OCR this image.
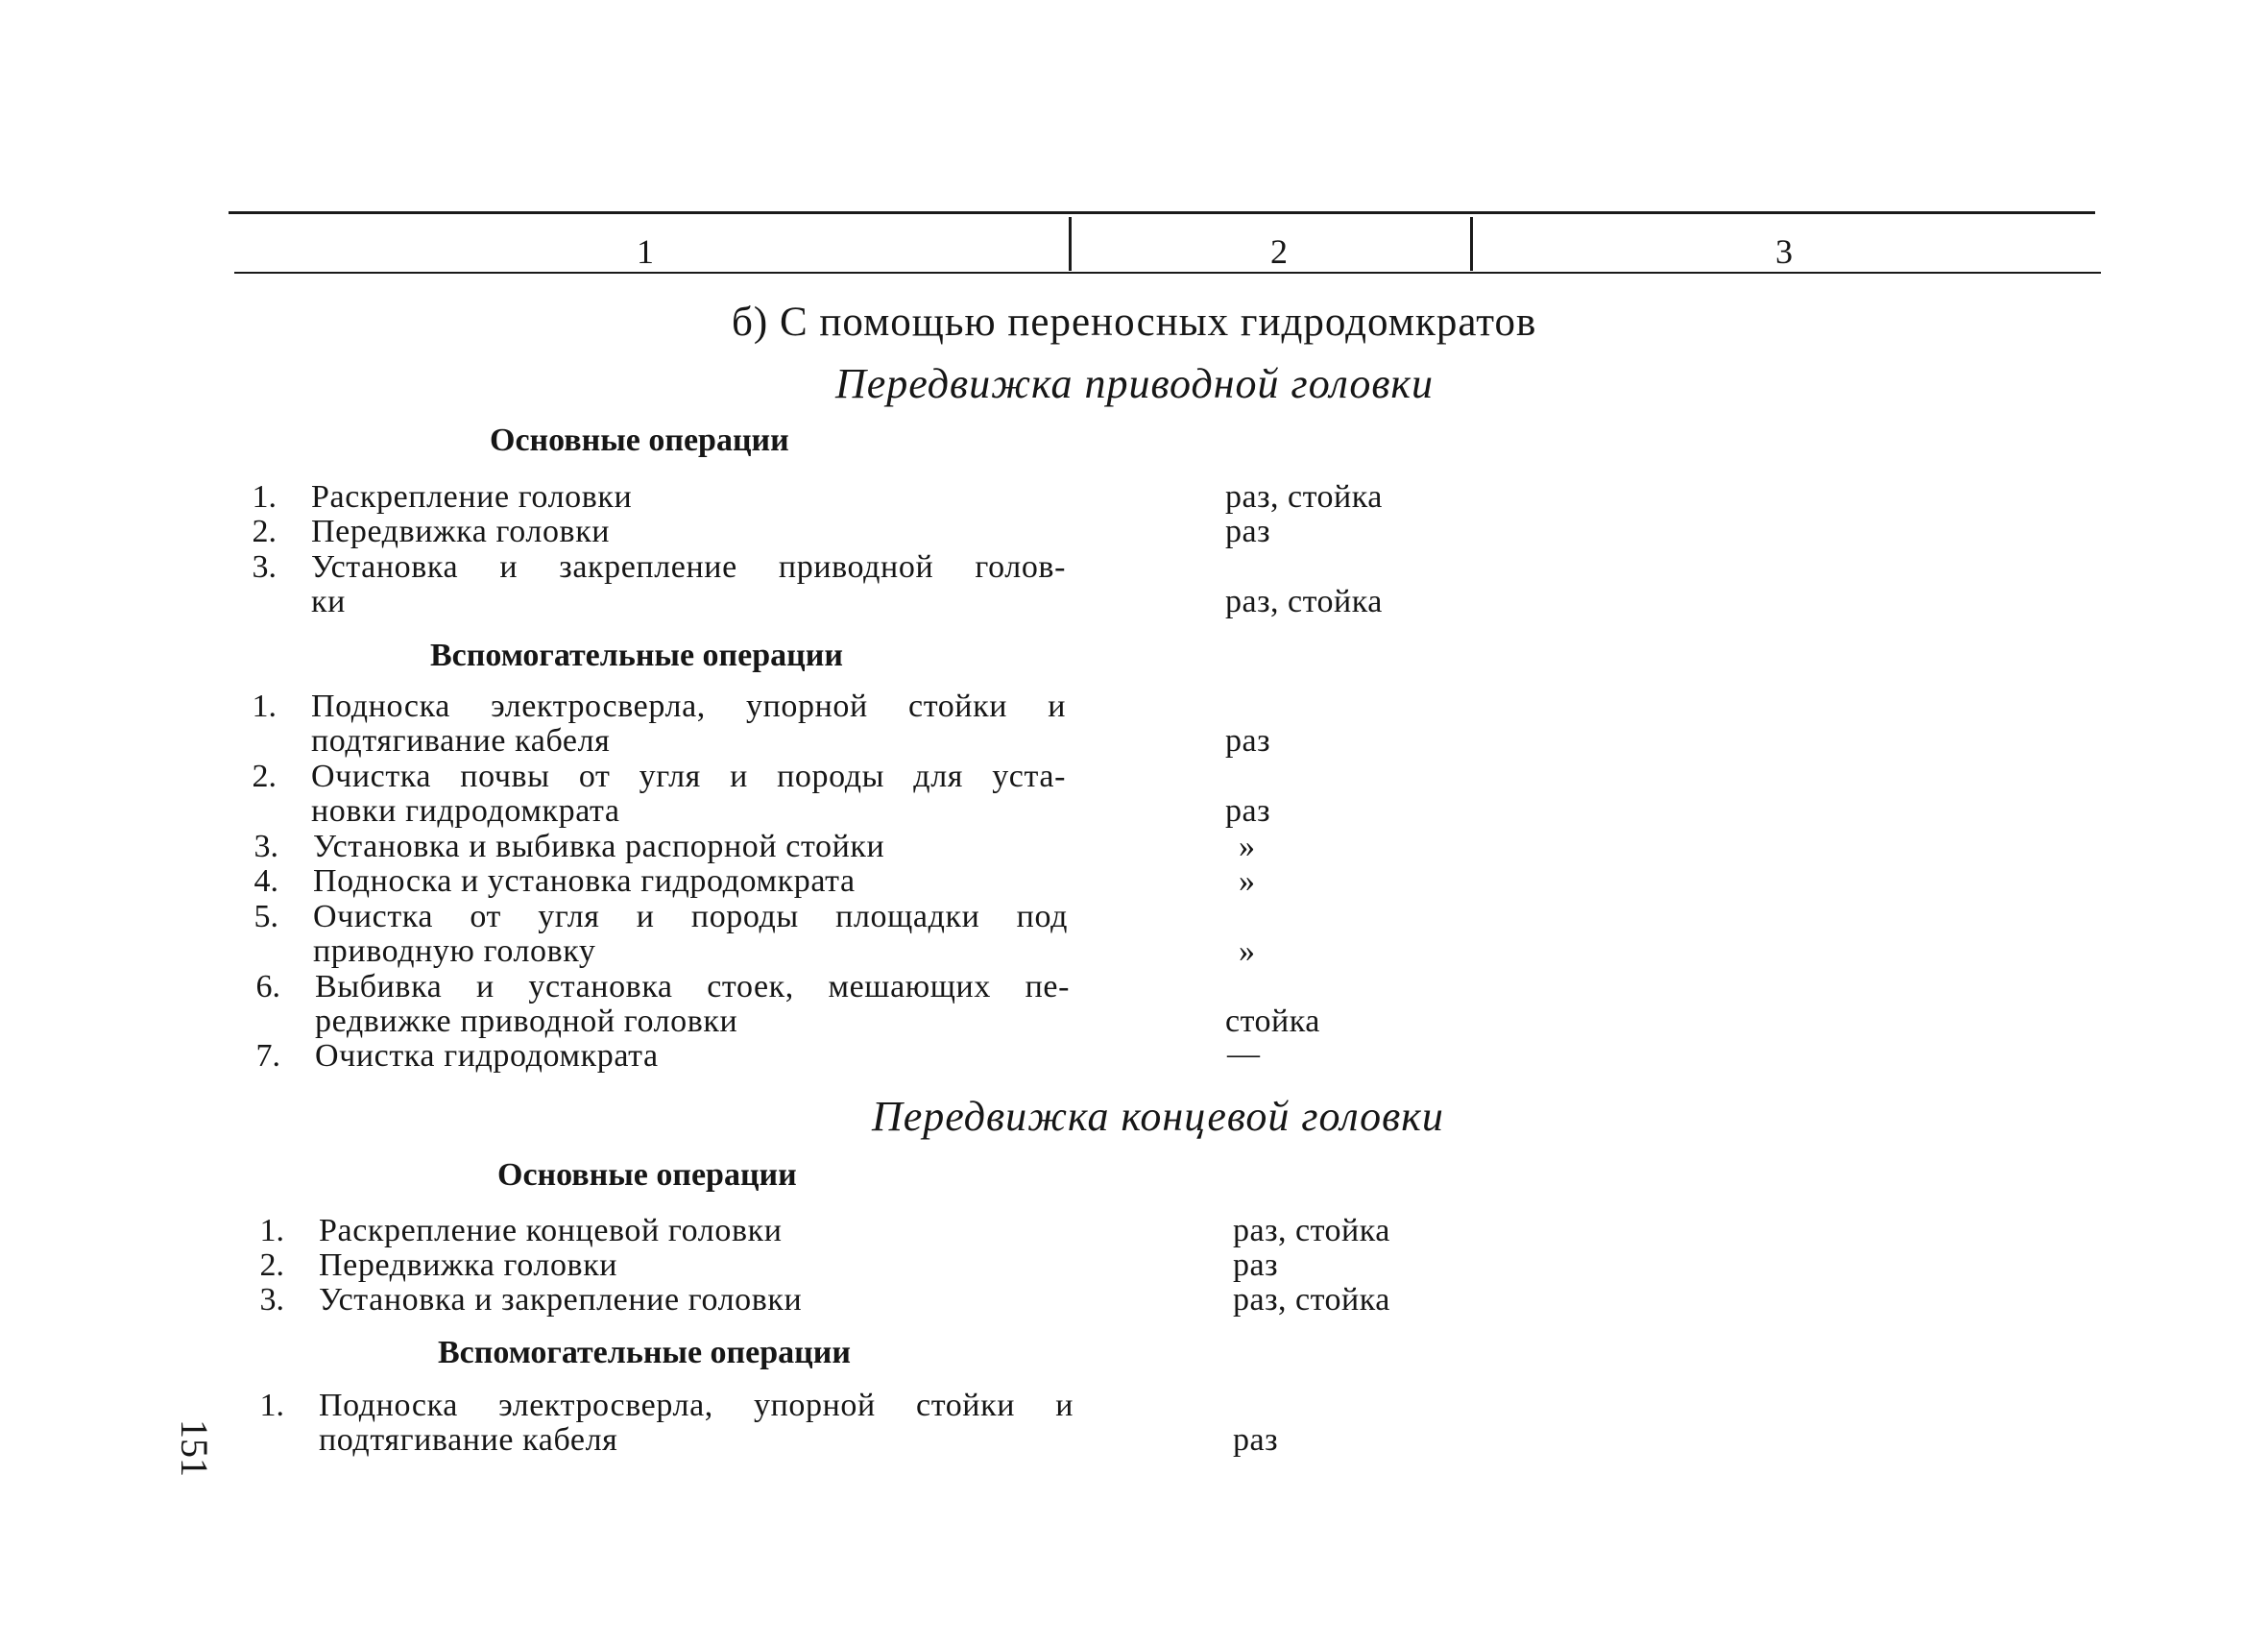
1	2	3
б) С помощью переносных гидродомкратов
Передвижка приводной головки
Основные операции
1. Раскрепление головки	раз, стойка
2. Передвижка головки	раз
3. Установка и закрепление приводной голов-
ки	раз, стойка
Вспомогательные операции
1. Подноска электросверла, упорной стойки и
подтягивание кабеля	раз
2. Очистка почвы от угля и породы для уста-
новки гидродомкрата	раз
3. Установка и выбивка распорной стойки	»
4. Подноска и установка гидродомкрата	»
5. Очистка от угля и породы площадки под
приводную головку	»
6. Выбивка и установка стоек, мешающих пе-
редвижке приводной головки	стойка
7. Очистка гидродомкрата	—
Передвижка концевой головки
Основные операции
1. Раскрепление концевой головки	раз, стойка
2. Передвижка головки	раз
3. Установка и закрепление головки	раз, стойка
Вспомогательные операции
1. Подноска электросверла, упорной стойки и
подтягивание кабеля	раз
151
